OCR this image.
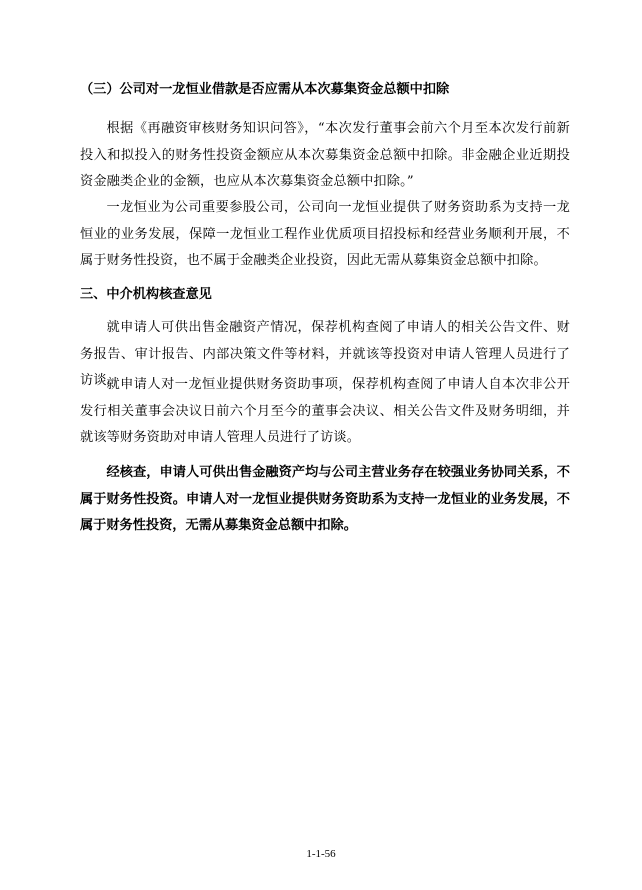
（三）公司对一龙恒业借款是否应需从本次募集资金总额中扣除
根据《再融资审核财务知识问答》，“本次发行董事会前六个月至本次发行前新投入和拟投入的财务性投资金额应从本次募集资金总额中扣除。非金融企业近期投资金融类企业的金额，也应从本次募集资金总额中扣除。”
一龙恒业为公司重要参股公司，公司向一龙恒业提供了财务资助系为支持一龙恒业的业务发展，保障一龙恒业工程作业优质项目招投标和经营业务顺利开展，不属于财务性投资，也不属于金融类企业投资，因此无需从募集资金总额中扣除。
三、中介机构核查意见
就申请人可供出售金融资产情况，保荐机构查阅了申请人的相关公告文件、财务报告、审计报告、内部决策文件等材料，并就该等投资对申请人管理人员进行了访谈。
就申请人对一龙恒业提供财务资助事项，保荐机构查阅了申请人自本次非公开发行相关董事会决议日前六个月至今的董事会决议、相关公告文件及财务明细，并就该等财务资助对申请人管理人员进行了访谈。
经核查，申请人可供出售金融资产均与公司主营业务存在较强业务协同关系，不属于财务性投资。申请人对一龙恒业提供财务资助系为支持一龙恒业的业务发展，不属于财务性投资，无需从募集资金总额中扣除。
1-1-56
